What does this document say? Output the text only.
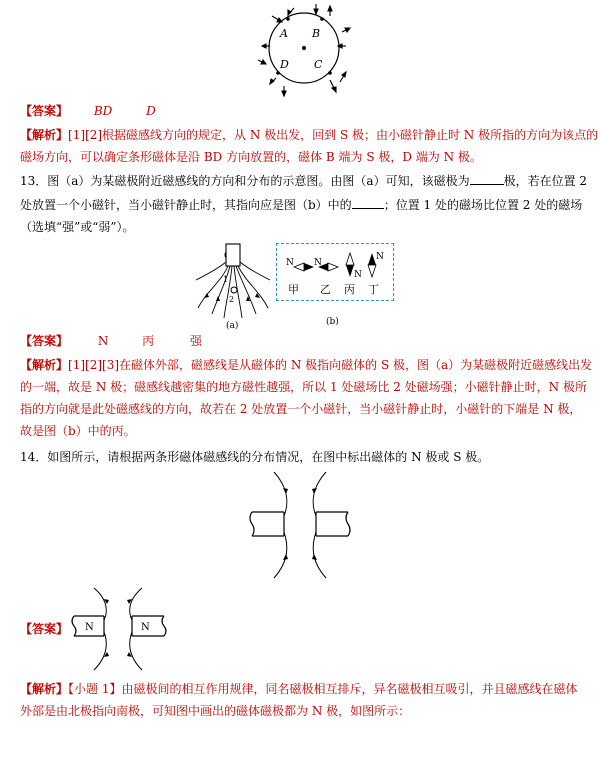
A B
D C
【答案】 BD	D
【解析】[1][2]根据磁感线方向的规定，从 N 极出发，回到 S 极；由小磁针静止时 N 极所指的方向为该点的
磁场方向，可以确定条形磁体是沿 BD 方向放置的，磁体 B 端为 S 极，D 端为 N 极。
13．图（a）为某磁极附近磁感线的方向和分布的示意图。由图（a）可知，该磁极为	极，若在位置 2
处放置一个小磁针，当小磁针静止时，其指向应是图（b）中的	；位置 1 处的磁场比位置 2 处的磁场
（选填“强”或“弱”）。
1
2
(a)
N N
N
N
甲 乙 丙 丁
(b)
【答案】 N	丙	强
【解析】[1][2][3]在磁体外部，磁感线是从磁体的 N 极指向磁体的 S 极，图（a）为某磁极附近磁感线出发
的一端，故是 N 极；磁感线越密集的地方磁性越强，所以 1 处磁场比 2 处磁场强；小磁针静止时，N 极所
指的方向就是此处磁感线的方向，故若在 2 处放置一个小磁针，当小磁针静止时，小磁针的下端是 N 极，
故是图（b）中的丙。
14．如图所示，请根据两条形磁体磁感线的分布情况，在图中标出磁体的 N 极或 S 极。
【答案】 N	N
【解析】【小题 1】由磁极间的相互作用规律，同名磁极相互排斥，异名磁极相互吸引，并且磁感线在磁体
外部是由北极指向南极，可知图中画出的磁体磁极都为 N 极，如图所示：
